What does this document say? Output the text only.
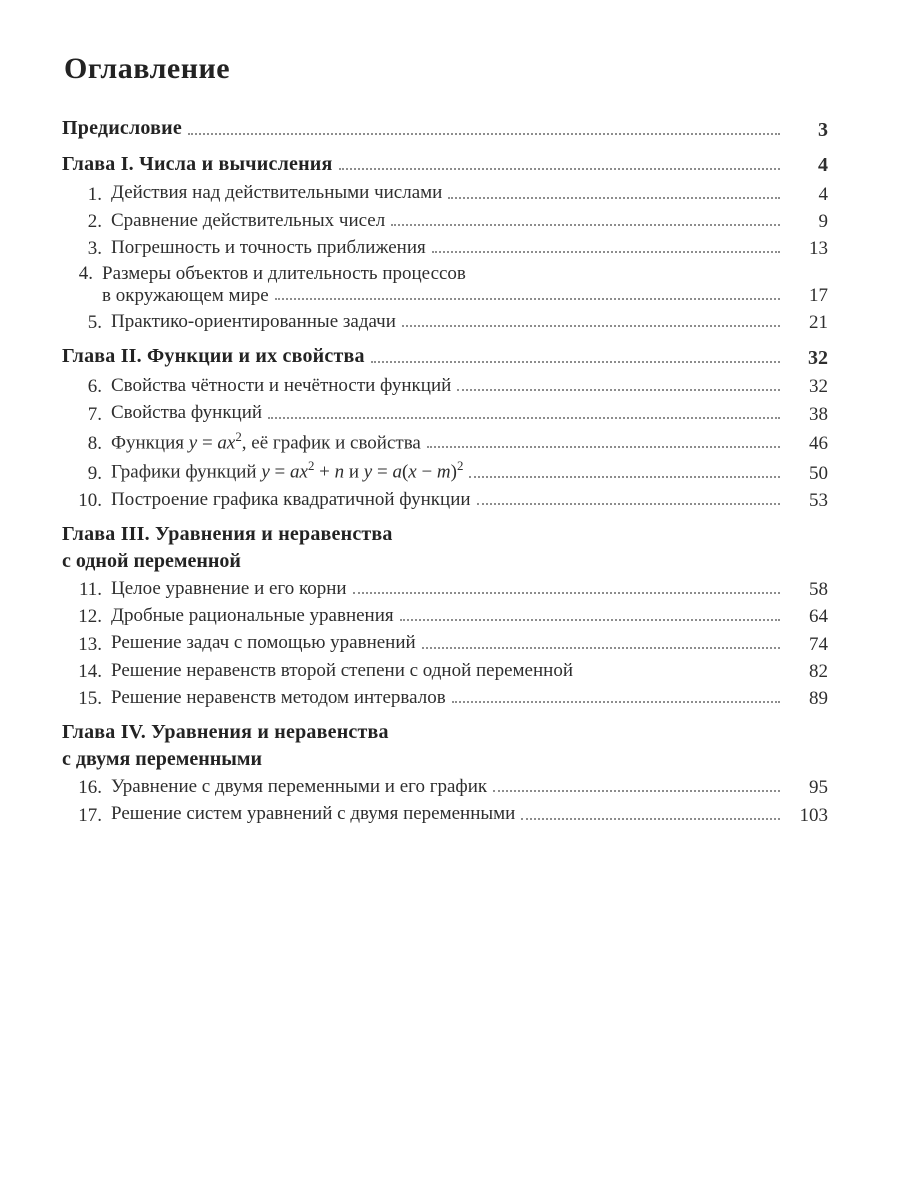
Оглавление
Предисловие	3
Глава I. Числа и вычисления	4
1. Действия над действительными числами	4
2. Сравнение действительных чисел	9
3. Погрешность и точность приближения	13
4. Размеры объектов и длительность процессов
в окружающем мире	17
5. Практико-ориентированные задачи	21
Глава II. Функции и их свойства	32
6. Свойства чётности и нечётности функций	32
7. Свойства функций	38
8. Функция $y = ax^2$, её график и свойства	46
9. Графики функций $y = ax^2 + n$ и $y = a(x - m)^2$	50
10. Построение графика квадратичной функции	53
Глава III. Уравнения и неравенства
с одной переменной
11. Целое уравнение и его корни	58
12. Дробные рациональные уравнения	64
13. Решение задач с помощью уравнений	74
14. Решение неравенств второй степени с одной переменной	82
15. Решение неравенств методом интервалов	89
Глава IV. Уравнения и неравенства
с двумя переменными
16. Уравнение с двумя переменными и его график	95
17. Решение систем уравнений с двумя переменными	103
